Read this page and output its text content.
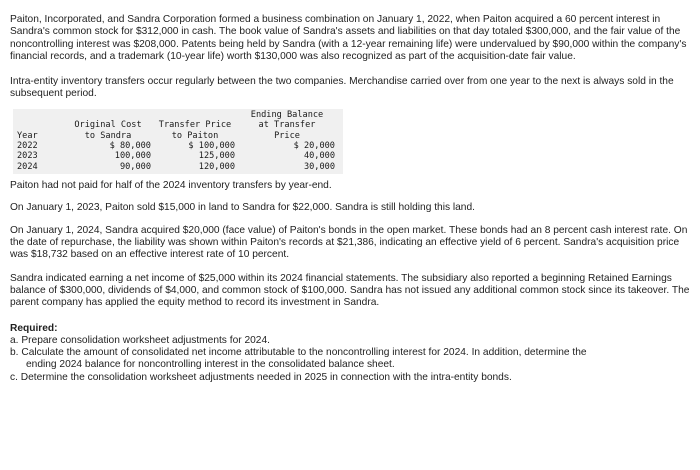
Paiton, Incorporated, and Sandra Corporation formed a business combination on January 1, 2022, when Paiton acquired a 60 percent interest in Sandra's common stock for $312,000 in cash. The book value of Sandra's assets and liabilities on that day totaled $300,000, and the fair value of the noncontrolling interest was $208,000. Patents being held by Sandra (with a 12-year remaining life) were undervalued by $90,000 within the company's financial records, and a trademark (10-year life) worth $130,000 was also recognized as part of the acquisition-date fair value.

Intra-entity inventory transfers occur regularly between the two companies. Merchandise carried over from one year to the next is always sold in the subsequent period.

			Ending Balance
	Original Cost	Transfer Price	at Transfer
Year	to Sandra	to Paiton	Price
2022	$ 80,000	$ 100,000	$ 20,000
2023	100,000	125,000	40,000
2024	90,000	120,000	30,000

Paiton had not paid for half of the 2024 inventory transfers by year-end.

On January 1, 2023, Paiton sold $15,000 in land to Sandra for $22,000. Sandra is still holding this land.

On January 1, 2024, Sandra acquired $20,000 (face value) of Paiton's bonds in the open market. These bonds had an 8 percent cash interest rate. On the date of repurchase, the liability was shown within Paiton's records at $21,386, indicating an effective yield of 6 percent. Sandra's acquisition price was $18,732 based on an effective interest rate of 10 percent.

Sandra indicated earning a net income of $25,000 within its 2024 financial statements. The subsidiary also reported a beginning Retained Earnings balance of $300,000, dividends of $4,000, and common stock of $100,000. Sandra has not issued any additional common stock since its takeover. The parent company has applied the equity method to record its investment in Sandra.

Required:

a. Prepare consolidation worksheet adjustments for 2024.
b. Calculate the amount of consolidated net income attributable to the noncontrolling interest for 2024. In addition, determine the
ending 2024 balance for noncontrolling interest in the consolidated balance sheet.
c. Determine the consolidation worksheet adjustments needed in 2025 in connection with the intra-entity bonds.
